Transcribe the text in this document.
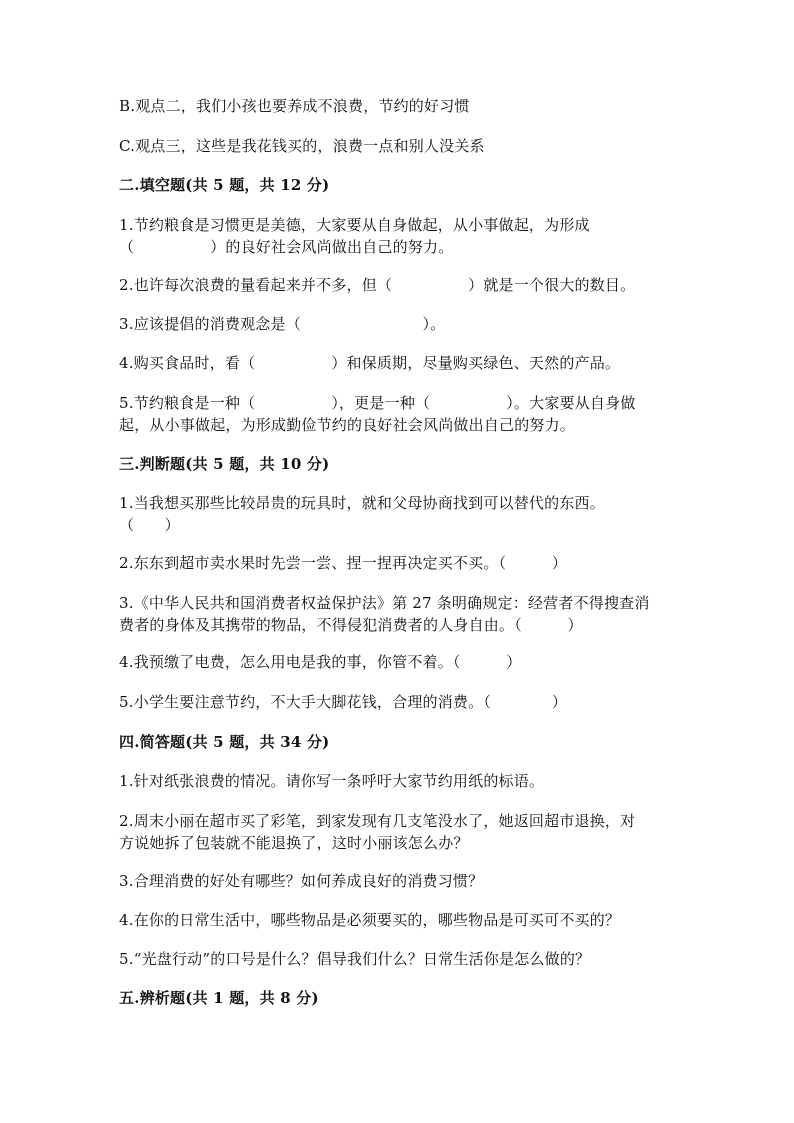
B.观点二，我们小孩也要养成不浪费，节约的好习惯
C.观点三，这些是我花钱买的，浪费一点和别人没关系
二.填空题(共 5 题，共 12 分)
1.节约粮食是习惯更是美德，大家要从自身做起，从小事做起，为形成
（　　　　　）的良好社会风尚做出自己的努力。
2.也许每次浪费的量看起来并不多，但（　　　　　）就是一个很大的数目。
3.应该提倡的消费观念是（　　　　　　　　）。
4.购买食品时，看（　　　　　）和保质期，尽量购买绿色、天然的产品。
5.节约粮食是一种（　　　　　），更是一种（　　　　　）。大家要从自身做
起，从小事做起，为形成勤俭节约的良好社会风尚做出自己的努力。
三.判断题(共 5 题，共 10 分)
1.当我想买那些比较昂贵的玩具时，就和父母协商找到可以替代的东西。
（　　）
2.东东到超市卖水果时先尝一尝、捏一捏再决定买不买。（　　　）
3.《中华人民共和国消费者权益保护法》第 27 条明确规定：经营者不得搜查消
费者的身体及其携带的物品，不得侵犯消费者的人身自由。（　　　）
4.我预缴了电费，怎么用电是我的事，你管不着。（　　　）
5.小学生要注意节约，不大手大脚花钱，合理的消费。（　　　　）
四.简答题(共 5 题，共 34 分)
1.针对纸张浪费的情况。请你写一条呼吁大家节约用纸的标语。
2.周末小丽在超市买了彩笔，到家发现有几支笔没水了，她返回超市退换，对
方说她拆了包装就不能退换了，这时小丽该怎么办？
3.合理消费的好处有哪些？如何养成良好的消费习惯？
4.在你的日常生活中，哪些物品是必须要买的，哪些物品是可买可不买的？
5.“光盘行动”的口号是什么？倡导我们什么？日常生活你是怎么做的？
五.辨析题(共 1 题，共 8 分)
